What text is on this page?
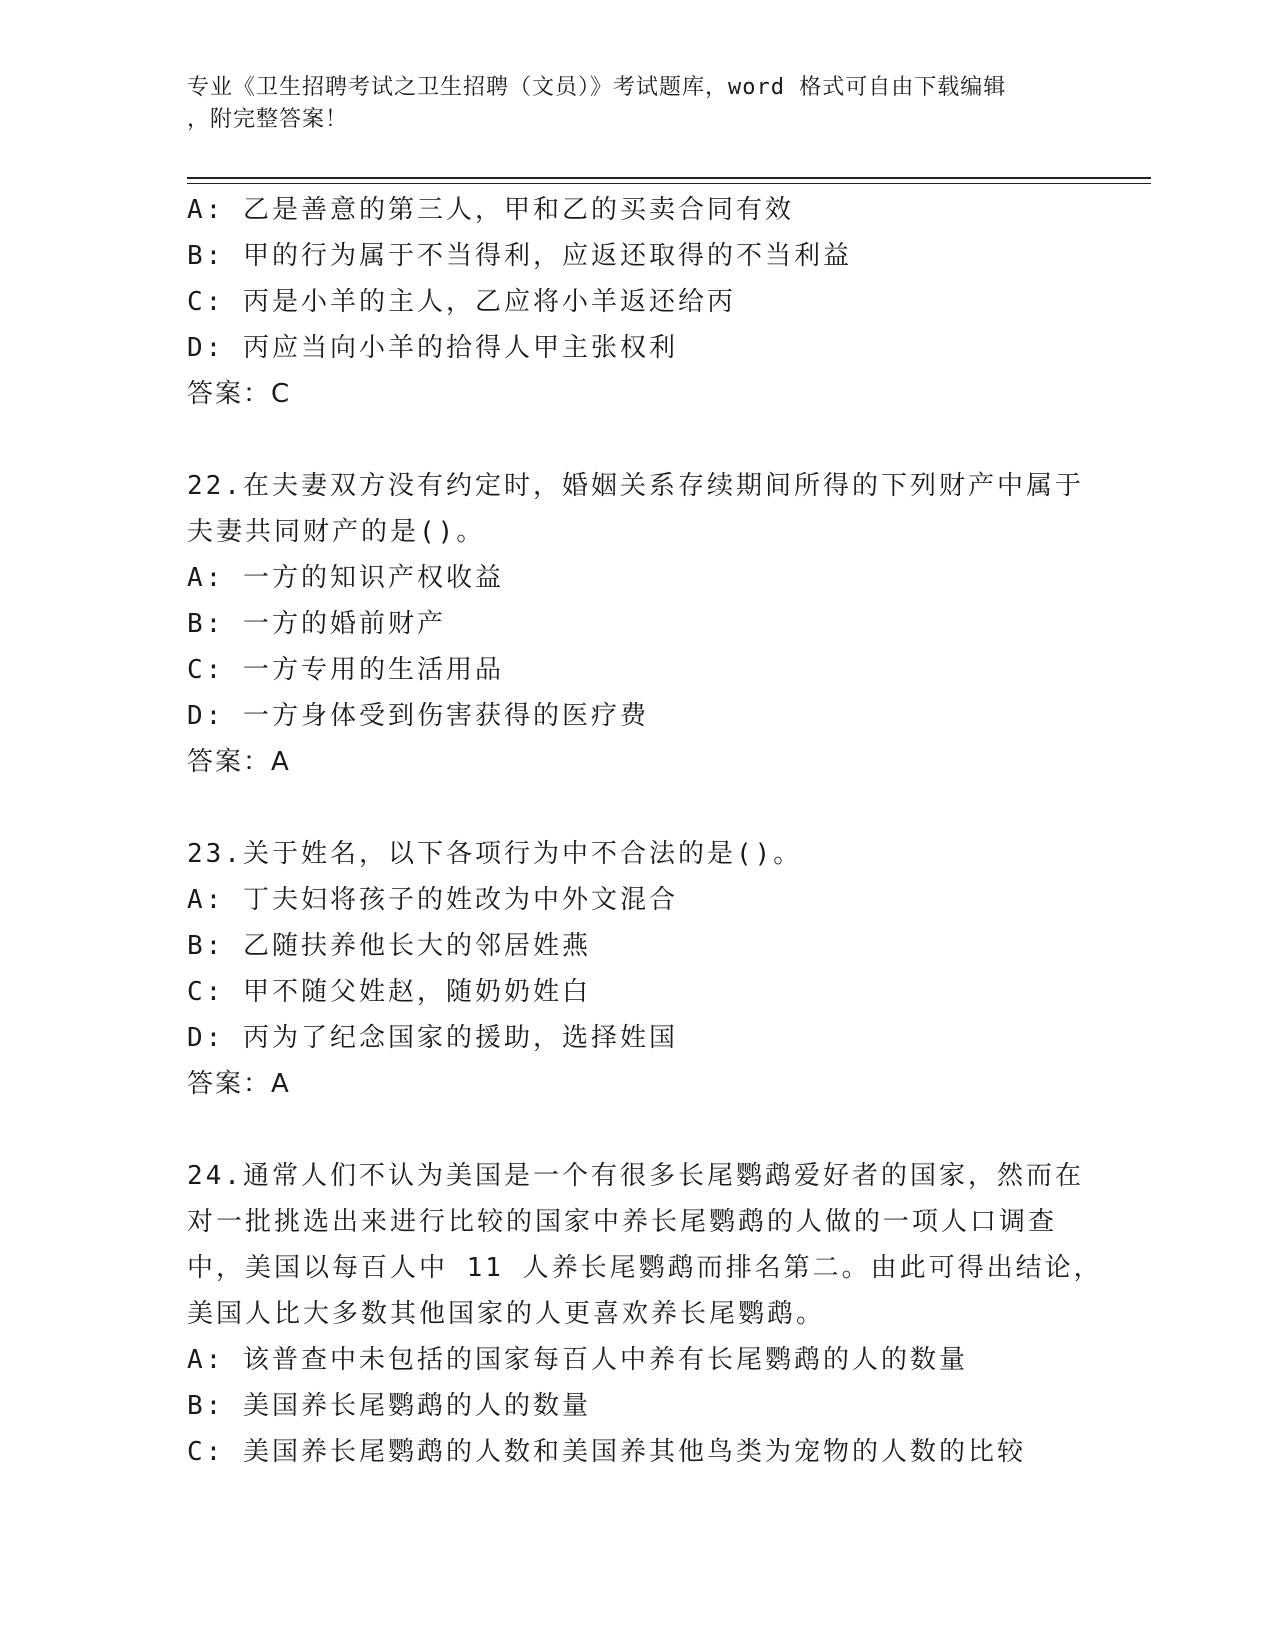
专业《卫生招聘考试之卫生招聘（文员）》考试题库，word 格式可自由下载编辑
，附完整答案！
A: 乙是善意的第三人，甲和乙的买卖合同有效
B: 甲的行为属于不当得利，应返还取得的不当利益
C: 丙是小羊的主人，乙应将小羊返还给丙
D: 丙应当向小羊的拾得人甲主张权利
答案：C
22.在夫妻双方没有约定时，婚姻关系存续期间所得的下列财产中属于
夫妻共同财产的是()。
A: 一方的知识产权收益
B: 一方的婚前财产
C: 一方专用的生活用品
D: 一方身体受到伤害获得的医疗费
答案：A
23.关于姓名，以下各项行为中不合法的是()。
A: 丁夫妇将孩子的姓改为中外文混合
B: 乙随扶养他长大的邻居姓燕
C: 甲不随父姓赵，随奶奶姓白
D: 丙为了纪念国家的援助，选择姓国
答案：A
24.通常人们不认为美国是一个有很多长尾鹦鹉爱好者的国家，然而在
对一批挑选出来进行比较的国家中养长尾鹦鹉的人做的一项人口调查
中，美国以每百人中 11 人养长尾鹦鹉而排名第二。由此可得出结论，
美国人比大多数其他国家的人更喜欢养长尾鹦鹉。
A: 该普查中未包括的国家每百人中养有长尾鹦鹉的人的数量
B: 美国养长尾鹦鹉的人的数量
C: 美国养长尾鹦鹉的人数和美国养其他鸟类为宠物的人数的比较
